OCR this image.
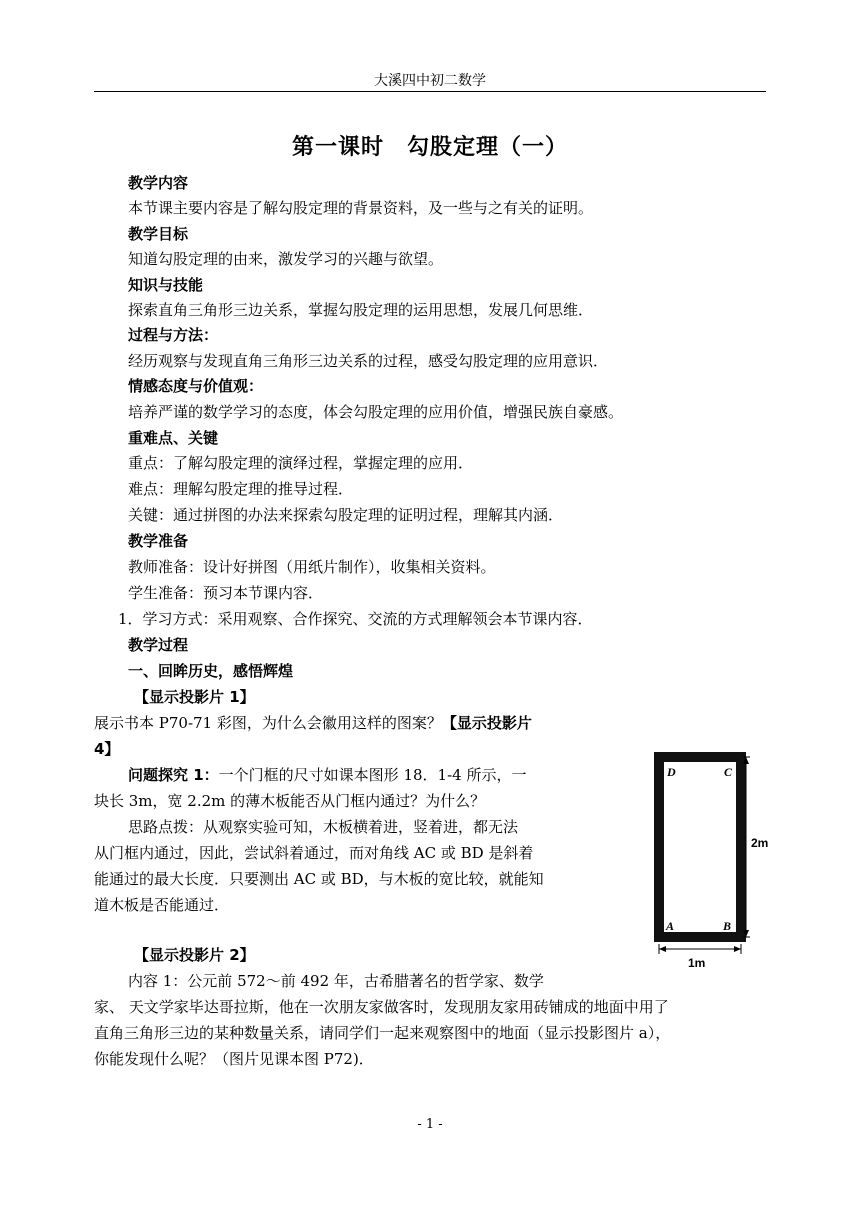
大溪四中初二数学
第一课时　勾股定理（一）
教学内容
本节课主要内容是了解勾股定理的背景资料，及一些与之有关的证明。
教学目标
知道勾股定理的由来，激发学习的兴趣与欲望。
知识与技能
探索直角三角形三边关系，掌握勾股定理的运用思想，发展几何思维．
过程与方法：
经历观察与发现直角三角形三边关系的过程，感受勾股定理的应用意识．
情感态度与价值观：
培养严谨的数学学习的态度，体会勾股定理的应用价值，增强民族自豪感。
重难点、关键
重点：了解勾股定理的演绎过程，掌握定理的应用．
难点：理解勾股定理的推导过程．
关键：通过拼图的办法来探索勾股定理的证明过程，理解其内涵．
教学准备
教师准备：设计好拼图（用纸片制作），收集相关资料。
学生准备：预习本节课内容．
1．学习方式：采用观察、合作探究、交流的方式理解领会本节课内容．
教学过程
一、回眸历史，感悟辉煌
【显示投影片 1】
展示书本 P70-71 彩图，为什么会徽用这样的图案？【显示投影片
4】
问题探究 1：一个门框的尺寸如课本图形 18．1-4 所示，一
块长 3m，宽 2.2m 的薄木板能否从门框内通过？为什么？
思路点拨：从观察实验可知，木板横着进，竖着进，都无法
从门框内通过，因此，尝试斜着通过，而对角线 AC 或 BD 是斜着
能通过的最大长度．只要测出 AC 或 BD，与木板的宽比较，就能知
道木板是否能通过．
【显示投影片 2】
内容 1：公元前 572～前 492 年，古希腊著名的哲学家、数学
家、 天文学家毕达哥拉斯，他在一次朋友家做客时，发现朋友家用砖铺成的地面中用了
直角三角形三边的某种数量关系，请同学们一起来观察图中的地面（显示投影图片 a），
你能发现什么呢？（图片见课本图 P72)．
D	C
A	B
2m
1m
- 1 -
